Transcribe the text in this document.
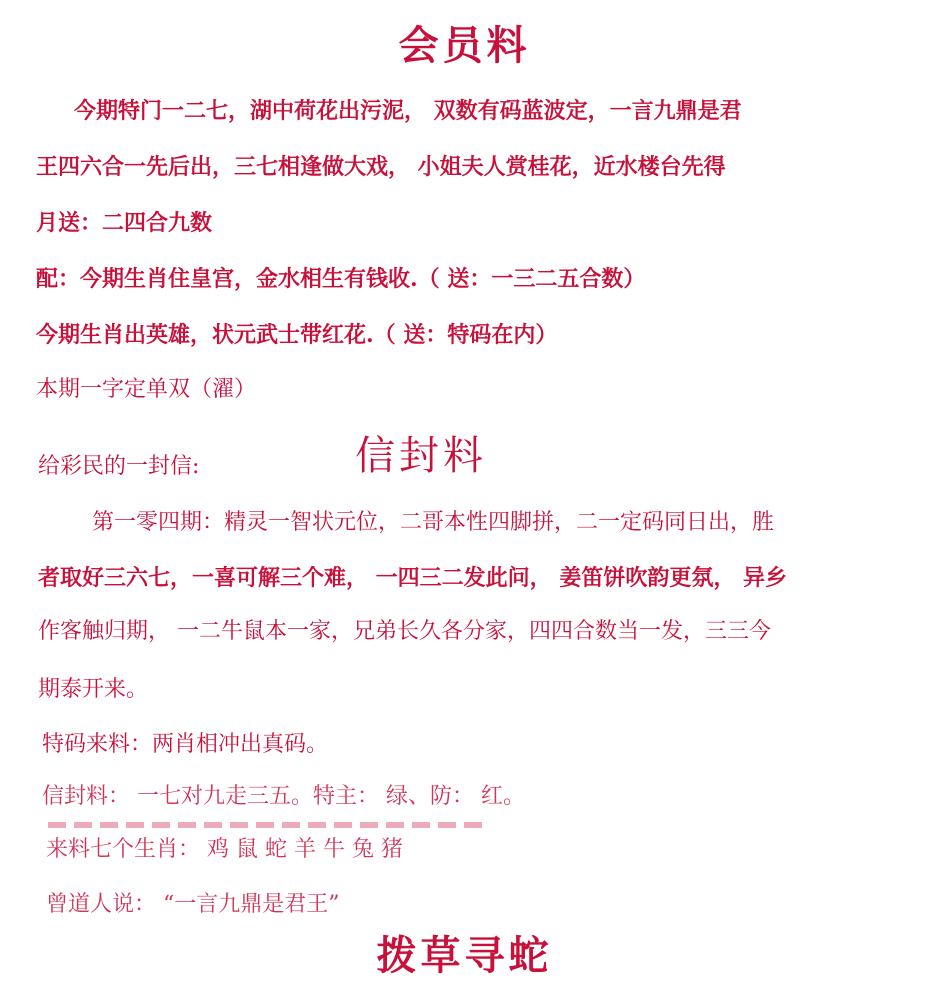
会员料
今期特门一二七，湖中荷花出污泥， 双数有码蓝波定，一言九鼎是君
王四六合一先后出，三七相逢做大戏， 小姐夫人赏桂花，近水楼台先得
月送：二四合九数
配：今期生肖住皇宫，金水相生有钱收.（ 送：一三二五合数）
今期生肖出英雄，状元武士带红花.（ 送：特码在内）
本期一字定单双（濯）
给彩民的一封信:	信封料
第一零四期：精灵一智状元位，二哥本性四脚拼，二一定码同日出，胜
者取好三六七，一喜可解三个难， 一四三二发此问， 姜笛饼吹韵更氛， 异乡
作客触归期， 一二牛鼠本一家，兄弟长久各分家，四四合数当一发，三三今
期泰开来。
特码来料：两肖相冲出真码。
信封料： 一七对九走三五。特主： 绿、防： 红。
来料七个生肖： 鸡 鼠 蛇 羊 牛 兔 猪
曾道人说： “一言九鼎是君王”
拨草寻蛇
